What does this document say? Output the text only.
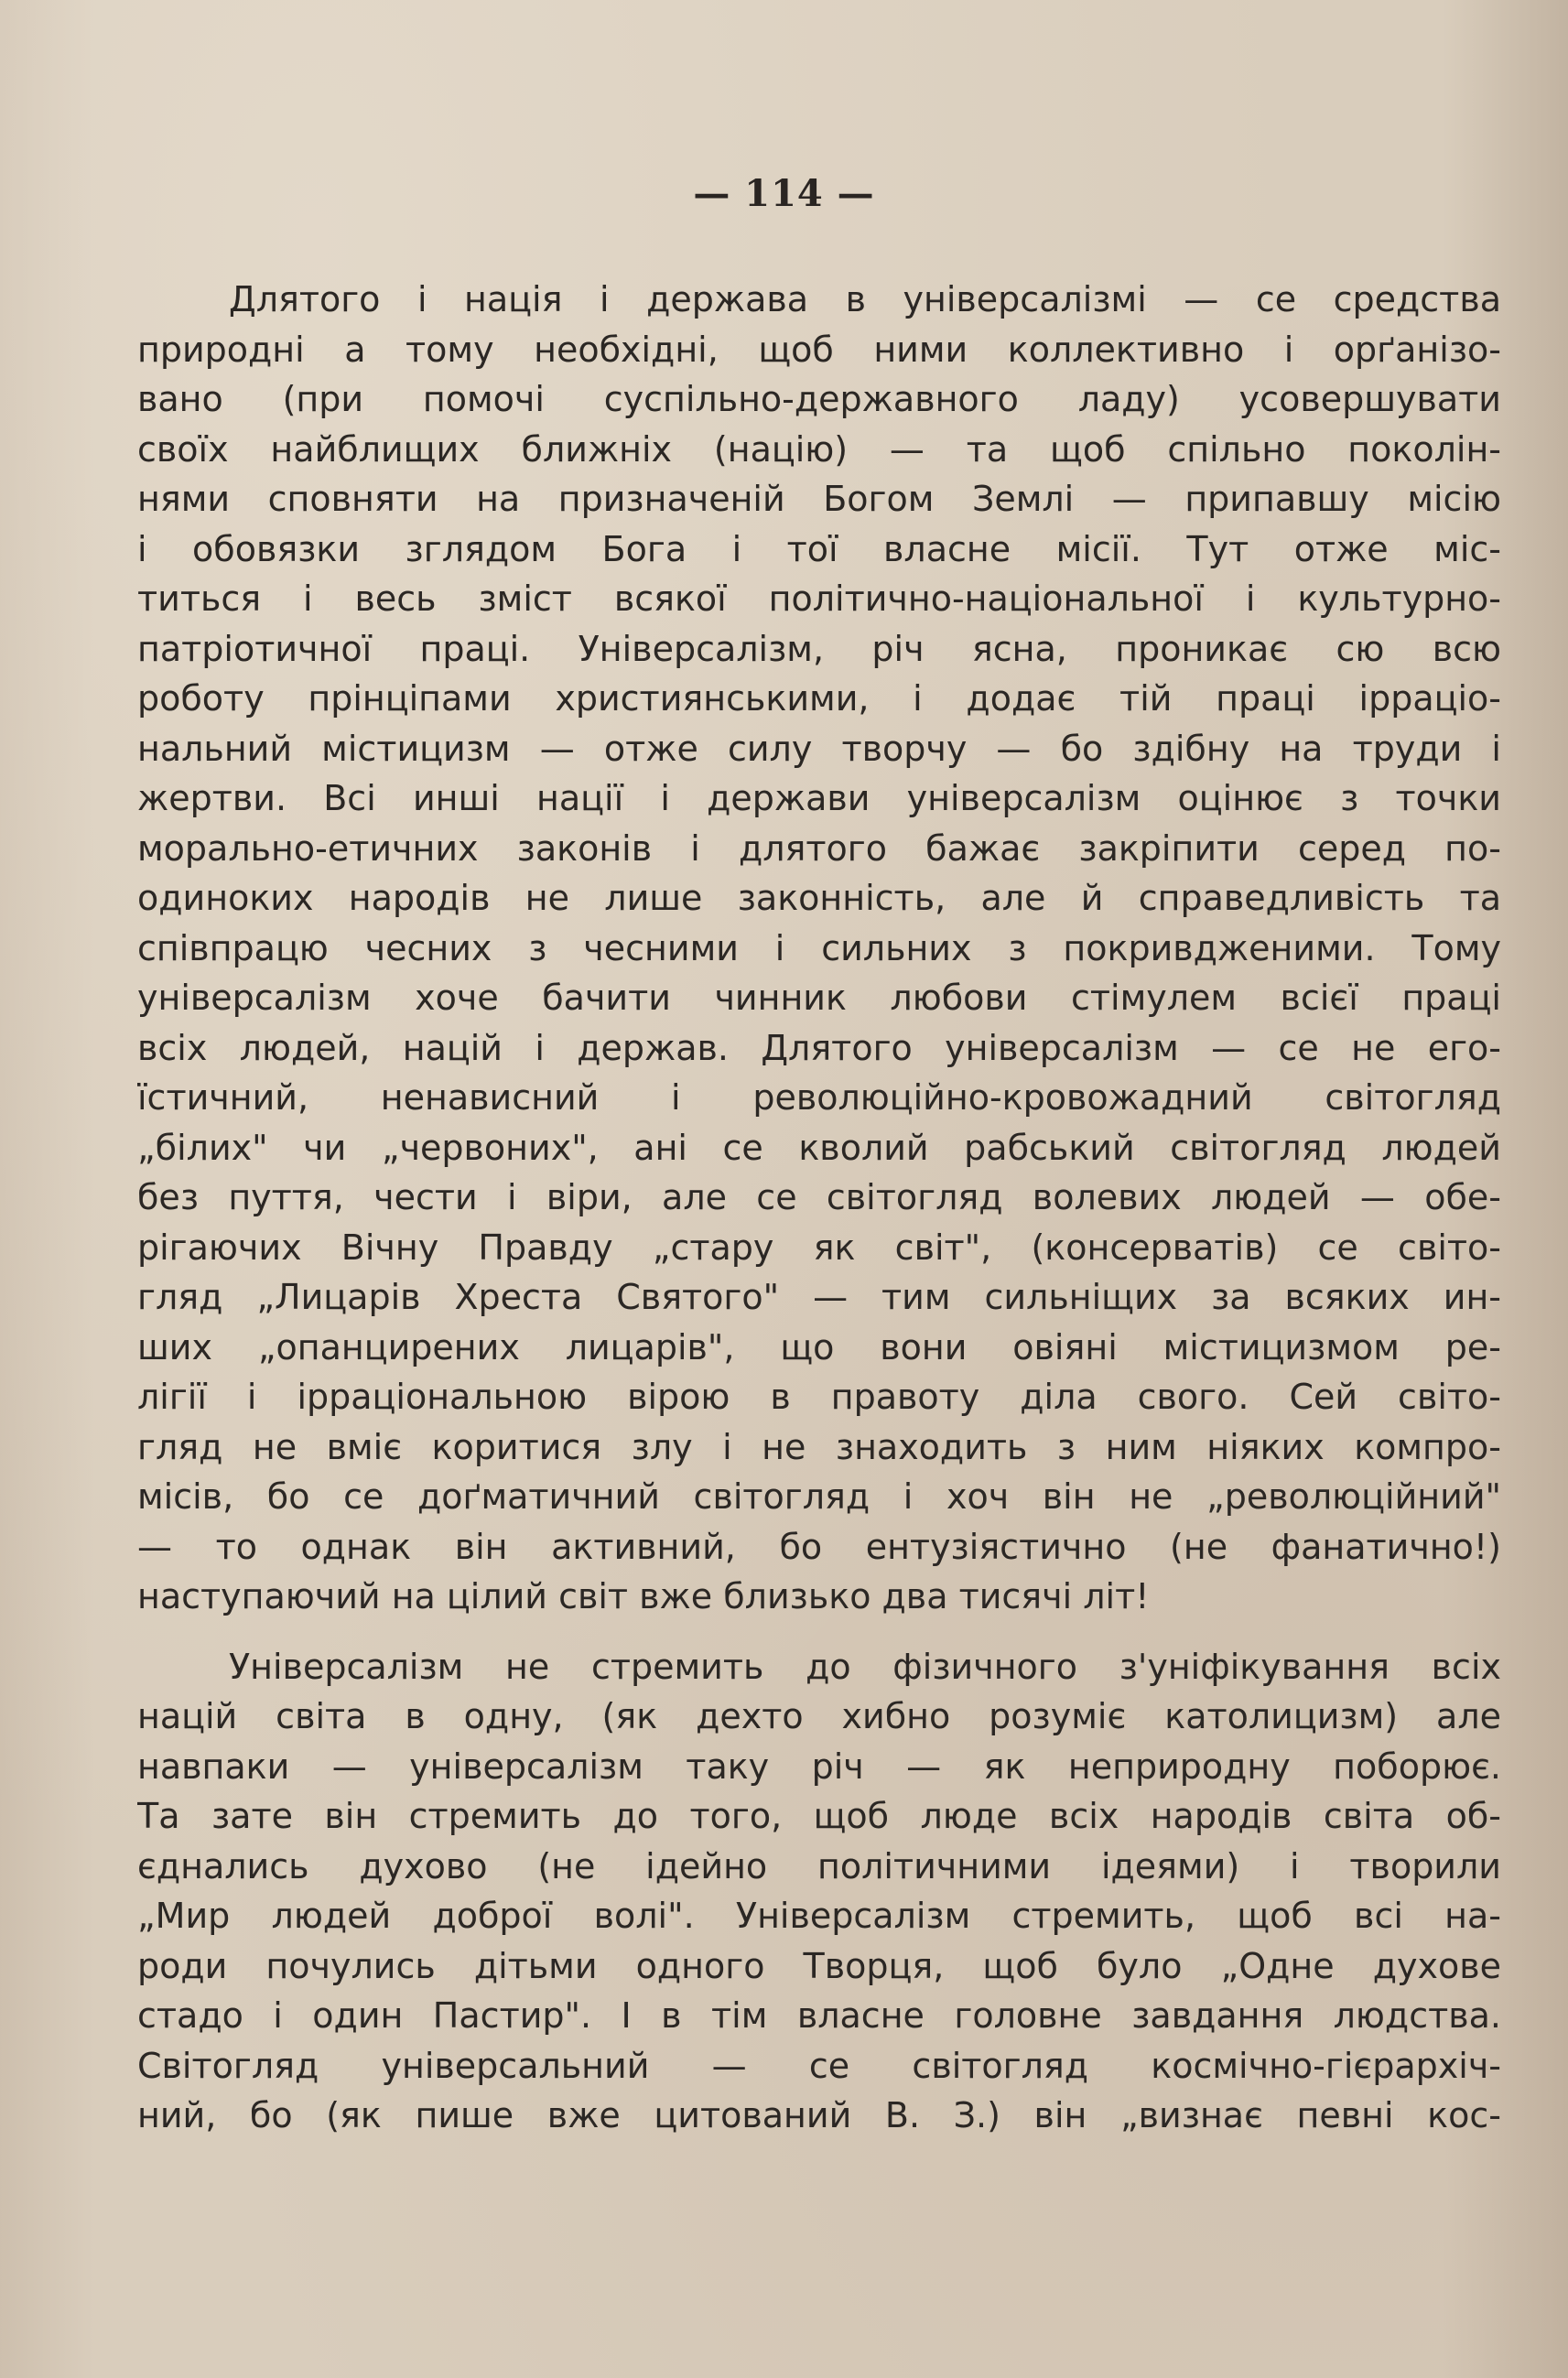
— 114 —
Длятого і нація і держава в універсалізмі — се средства
природні а тому необхідні, щоб ними коллективно і орґанізо-
вано (при помочі суспільно-державного ладу) усовершувати
своїх найблищих ближніх (націю) — та щоб спільно поколін-
нями сповняти на призначеній Богом Землі — припавшу місію
і обовязки зглядом Бога і тої власне місії. Тут отже міс-
титься і весь зміст всякої політично-національної і культурно-
патріотичної праці. Універсалізм, річ ясна, проникає сю всю
роботу прінціпами християнськими, і додає тій праці ірраціо-
нальний містицизм — отже силу творчу — бо здібну на труди і
жертви. Всі инші нації і держави універсалізм оцінює з точки
морально-етичних законів і длятого бажає закріпити серед по-
одиноких народів не лише законність, але й справедливість та
співпрацю чесних з чесними і сильних з покривдженими. Тому
універсалізм хоче бачити чинник любови стімулем всієї праці
всіх людей, націй і держав. Длятого універсалізм — се не его-
їстичний, ненависний і революційно-кровожадний світогляд
„білих" чи „червоних", ані се кволий рабський світогляд людей
без пуття, чести і віри, але се світогляд волевих людей — обе-
рігаючих Вічну Правду „стару як світ", (консерватів) се світо-
гляд „Лицарів Хреста Святого" — тим сильніщих за всяких ин-
ших „опанцирених лицарів", що вони овіяні містицизмом ре-
лігії і ірраціональною вірою в правоту діла свого. Сей світо-
гляд не вміє коритися злу і не знаходить з ним ніяких компро-
місів, бо се доґматичний світогляд і хоч він не „революційний"
— то однак він активний, бо ентузіястично (не фанатично!)
наступаючий на цілий світ вже близько два тисячі літ!
Універсалізм не стремить до фізичного з'уніфікування всіх
націй світа в одну, (як дехто хибно розуміє католицизм) але
навпаки — універсалізм таку річ — як неприродну поборює.
Та зате він стремить до того, щоб люде всіх народів світа об-
єднались духово (не ідейно політичними ідеями) і творили
„Мир людей доброї волі". Універсалізм стремить, щоб всі на-
роди почулись дітьми одного Творця, щоб було „Одне духове
стадо і один Пастир". І в тім власне головне завдання людства.
Світогляд універсальний — се світогляд космічно-гієрархіч-
ний, бо (як пише вже цитований В. З.) він „визнає певні кос-
